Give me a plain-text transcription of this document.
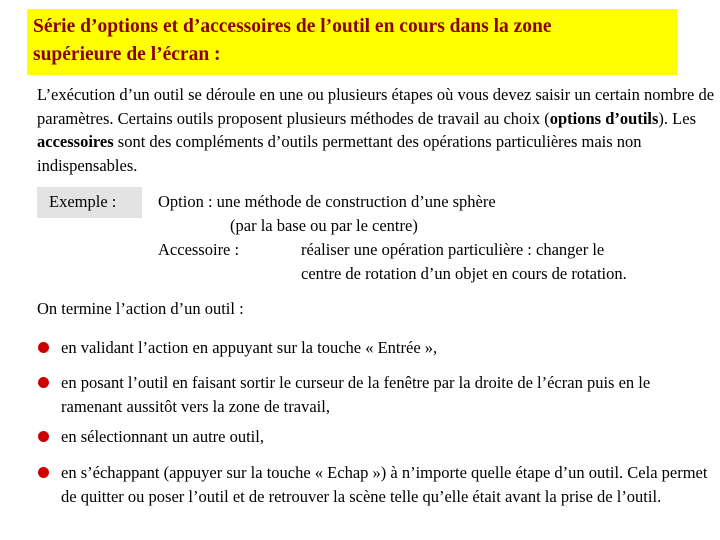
Série d’options et d’accessoires de l’outil en cours dans la zone
supérieure de l’écran :
L’exécution d’un outil se déroule en une ou plusieurs étapes où vous devez saisir un certain nombre de paramètres. Certains outils proposent plusieurs méthodes de travail au choix (options d’outils). Les accessoires sont des compléments d’outils permettant des opérations particulières mais non indispensables.
Exemple :	Option : une méthode de construction d’une sphère
(par la base ou par le centre)
Accessoire :	réaliser une opération particulière : changer le
centre de rotation d’un objet en cours de rotation.
On termine l’action d’un outil :
en validant l’action en appuyant sur la touche « Entrée »,
en posant l’outil en faisant sortir le curseur de la fenêtre par la droite de l’écran puis en le ramenant aussitôt vers la zone de travail,
en sélectionnant un autre outil,
en s’échappant (appuyer sur la touche « Echap ») à n’importe quelle étape d’un outil. Cela permet de quitter ou poser l’outil et de retrouver la scène telle qu’elle était avant la prise de l’outil.
